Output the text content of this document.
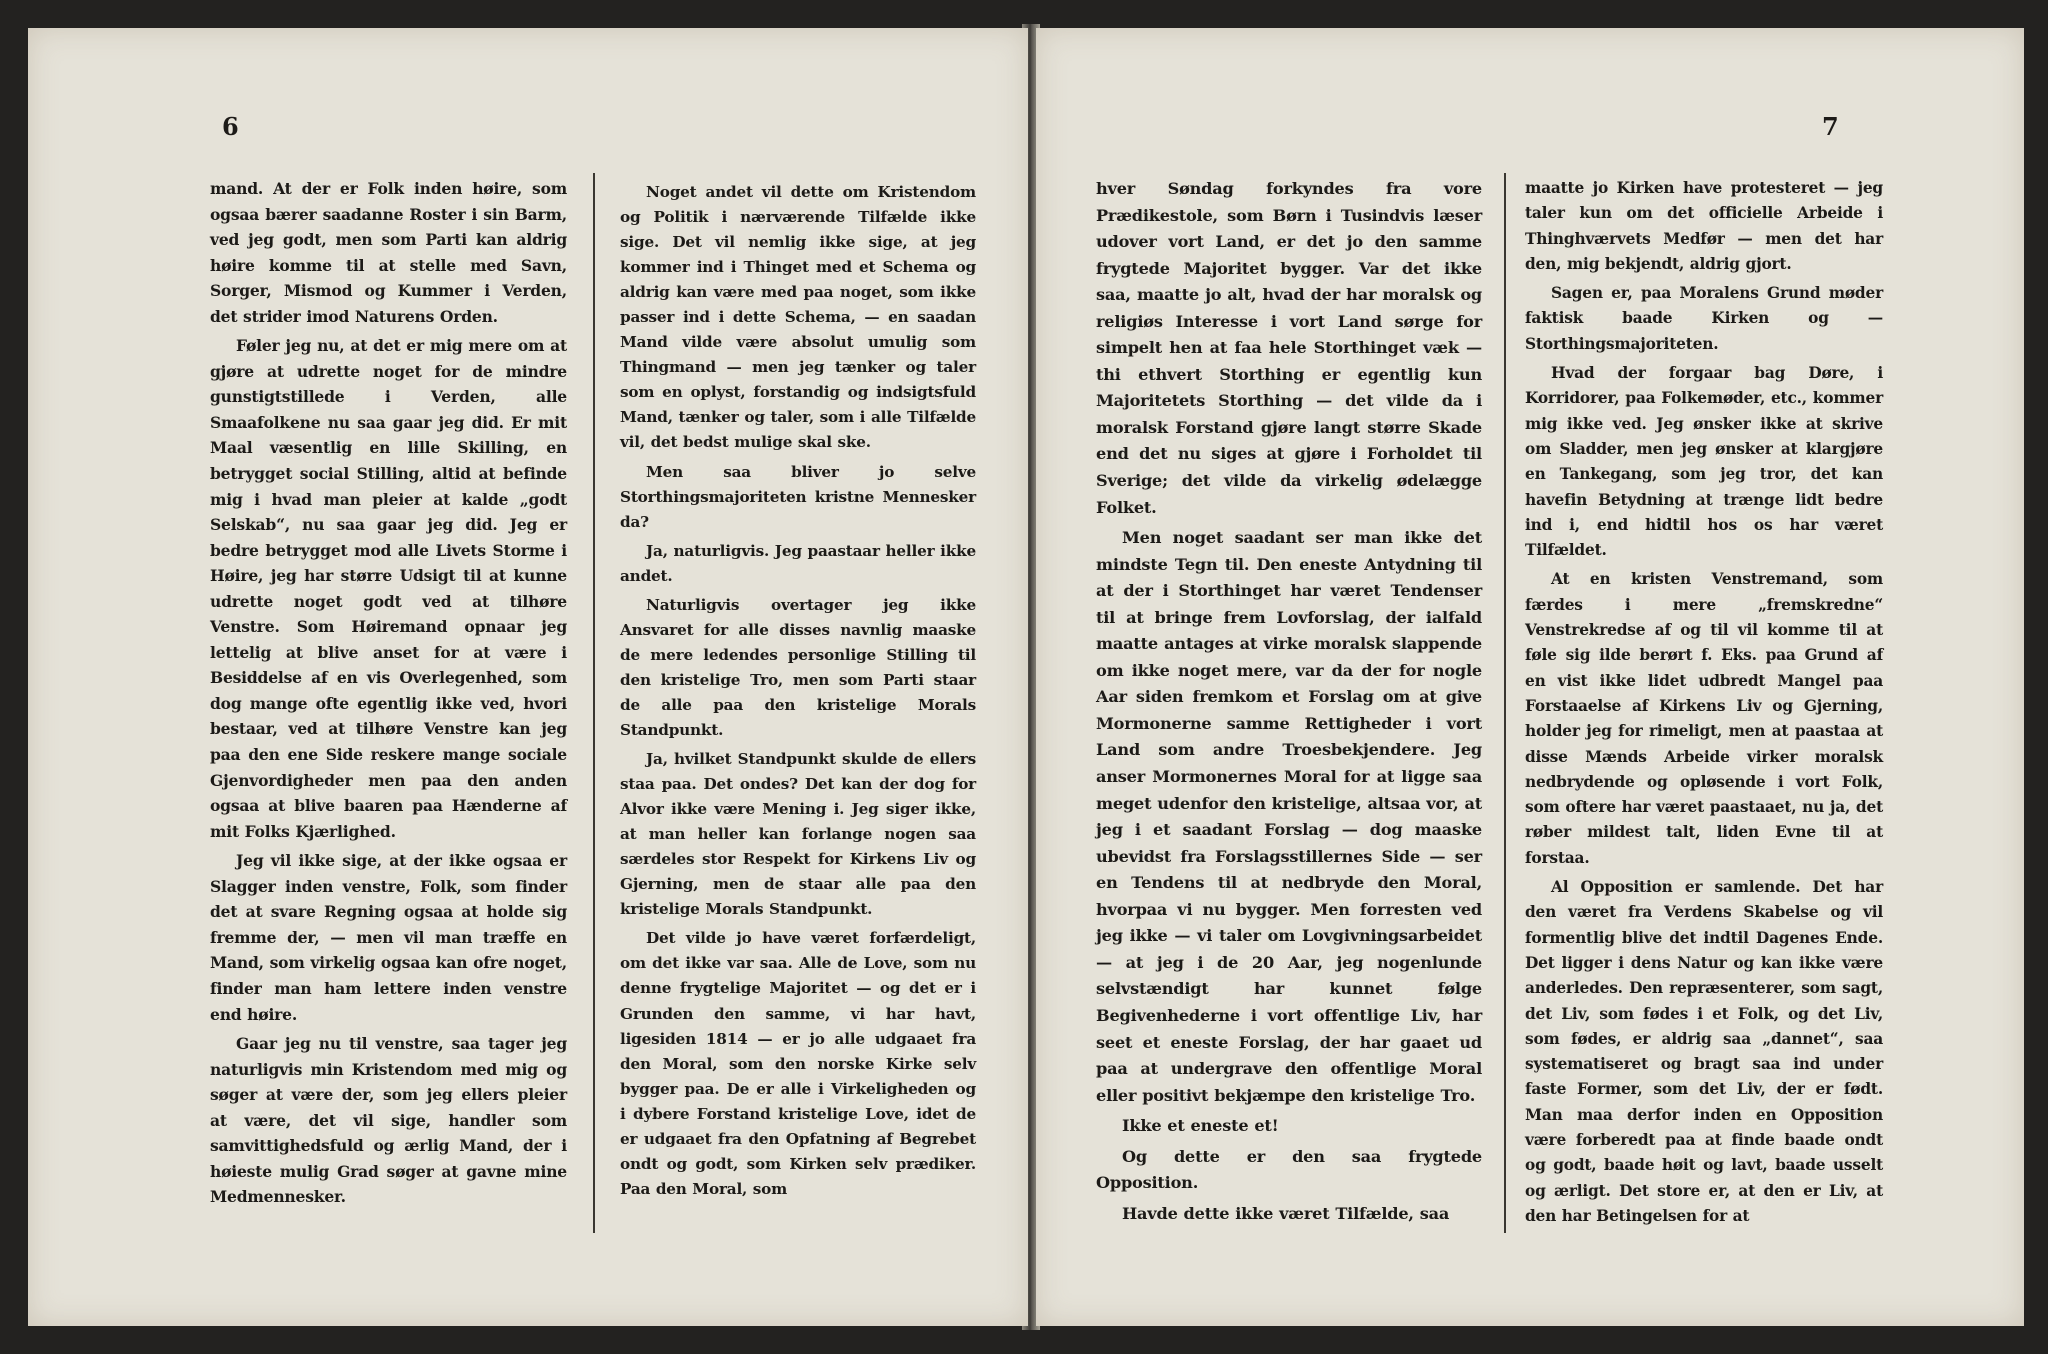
6

mand. At der er Folk inden høire, som ogsaa bærer saadanne Roster i sin Barm, ved jeg godt, men som Parti kan aldrig høire komme til at stelle med Savn, Sorger, Mismod og Kummer i Verden, det strider imod Naturens Orden.

Føler jeg nu, at det er mig mere om at gjøre at udrette noget for de mindre gunstigtstillede i Verden, alle Smaafolkene nu saa gaar jeg did. Er mit Maal væsentlig en lille Skilling, en betrygget social Stilling, altid at befinde mig i hvad man pleier at kalde „godt Selskab“, nu saa gaar jeg did. Jeg er bedre betrygget mod alle Livets Storme i Høire, jeg har større Udsigt til at kunne udrette noget godt ved at tilhøre Venstre. Som Høiremand opnaar jeg lettelig at blive anset for at være i Besiddelse af en vis Overlegenhed, som dog mange ofte egentlig ikke ved, hvori bestaar, ved at tilhøre Venstre kan jeg paa den ene Side reskere mange sociale Gjenvordigheder men paa den anden ogsaa at blive baaren paa Hænderne af mit Folks Kjærlighed.

Jeg vil ikke sige, at der ikke ogsaa er Slagger inden venstre, Folk, som finder det at svare Regning ogsaa at holde sig fremme der, — men vil man træffe en Mand, som virkelig ogsaa kan ofre noget, finder man ham lettere inden venstre end høire.

Gaar jeg nu til venstre, saa tager jeg naturligvis min Kristendom med mig og søger at være der, som jeg ellers pleier at være, det vil sige, handler som samvittighedsfuld og ærlig Mand, der i høieste mulig Grad søger at gavne mine Medmennesker.

Noget andet vil dette om Kristendom og Politik i nærværende Tilfælde ikke sige. Det vil nemlig ikke sige, at jeg kommer ind i Thinget med et Schema og aldrig kan være med paa noget, som ikke passer ind i dette Schema, — en saadan Mand vilde være absolut umulig som Thingmand — men jeg tænker og taler som en oplyst, forstandig og indsigtsfuld Mand, tænker og taler, som i alle Tilfælde vil, det bedst mulige skal ske.

Men saa bliver jo selve Storthingsmajoriteten kristne Mennesker da?

Ja, naturligvis. Jeg paastaar heller ikke andet.

Naturligvis overtager jeg ikke Ansvaret for alle disses navnlig maaske de mere ledendes personlige Stilling til den kristelige Tro, men som Parti staar de alle paa den kristelige Morals Standpunkt.

Ja, hvilket Standpunkt skulde de ellers staa paa. Det ondes? Det kan der dog for Alvor ikke være Mening i. Jeg siger ikke, at man heller kan forlange nogen saa særdeles stor Respekt for Kirkens Liv og Gjerning, men de staar alle paa den kristelige Morals Standpunkt.

Det vilde jo have været forfærdeligt, om det ikke var saa. Alle de Love, som nu denne frygtelige Majoritet — og det er i Grunden den samme, vi har havt, ligesiden 1814 — er jo alle udgaaet fra den Moral, som den norske Kirke selv bygger paa. De er alle i Virkeligheden og i dybere Forstand kristelige Love, idet de er udgaaet fra den Opfatning af Begrebet ondt og godt, som Kirken selv prædiker. Paa den Moral, som

7

hver Søndag forkyndes fra vore Prædikestole, som Børn i Tusindvis læser udover vort Land, er det jo den samme frygtede Majoritet bygger. Var det ikke saa, maatte jo alt, hvad der har moralsk og religiøs Interesse i vort Land sørge for simpelt hen at faa hele Storthinget væk — thi ethvert Storthing er egentlig kun Majoritetets Storthing — det vilde da i moralsk Forstand gjøre langt større Skade end det nu siges at gjøre i Forholdet til Sverige; det vilde da virkelig ødelægge Folket.

Men noget saadant ser man ikke det mindste Tegn til. Den eneste Antydning til at der i Storthinget har været Tendenser til at bringe frem Lovforslag, der ialfald maatte antages at virke moralsk slappende om ikke noget mere, var da der for nogle Aar siden fremkom et Forslag om at give Mormonerne samme Rettigheder i vort Land som andre Troesbekjendere. Jeg anser Mormonernes Moral for at ligge saa meget udenfor den kristelige, altsaa vor, at jeg i et saadant Forslag — dog maaske ubevidst fra Forslagsstillernes Side — ser en Tendens til at nedbryde den Moral, hvorpaa vi nu bygger. Men forresten ved jeg ikke — vi taler om Lovgivningsarbeidet — at jeg i de 20 Aar, jeg nogenlunde selvstændigt har kunnet følge Begivenhederne i vort offentlige Liv, har seet et eneste Forslag, der har gaaet ud paa at undergrave den offentlige Moral eller positivt bekjæmpe den kristelige Tro.

Ikke et eneste et!

Og dette er den saa frygtede Opposition.

Havde dette ikke været Tilfælde, saa

maatte jo Kirken have protesteret — jeg taler kun om det officielle Arbeide i Thinghværvets Medfør — men det har den, mig bekjendt, aldrig gjort.

Sagen er, paa Moralens Grund møder faktisk baade Kirken og — Storthingsmajoriteten.

Hvad der forgaar bag Døre, i Korridorer, paa Folkemøder, etc., kommer mig ikke ved. Jeg ønsker ikke at skrive om Sladder, men jeg ønsker at klargjøre en Tankegang, som jeg tror, det kan havefin Betydning at trænge lidt bedre ind i, end hidtil hos os har været Tilfældet.

At en kristen Venstremand, som færdes i mere „fremskredne“ Venstrekredse af og til vil komme til at føle sig ilde berørt f. Eks. paa Grund af en vist ikke lidet udbredt Mangel paa Forstaaelse af Kirkens Liv og Gjerning, holder jeg for rimeligt, men at paastaa at disse Mænds Arbeide virker moralsk nedbrydende og opløsende i vort Folk, som oftere har været paastaaet, nu ja, det røber mildest talt, liden Evne til at forstaa.

Al Opposition er samlende. Det har den været fra Verdens Skabelse og vil formentlig blive det indtil Dagenes Ende. Det ligger i dens Natur og kan ikke være anderledes. Den repræsenterer, som sagt, det Liv, som fødes i et Folk, og det Liv, som fødes, er aldrig saa „dannet“, saa systematiseret og bragt saa ind under faste Former, som det Liv, der er født. Man maa derfor inden en Opposition være forberedt paa at finde baade ondt og godt, baade høit og lavt, baade usselt og ærligt. Det store er, at den er Liv, at den har Betingelsen for at
